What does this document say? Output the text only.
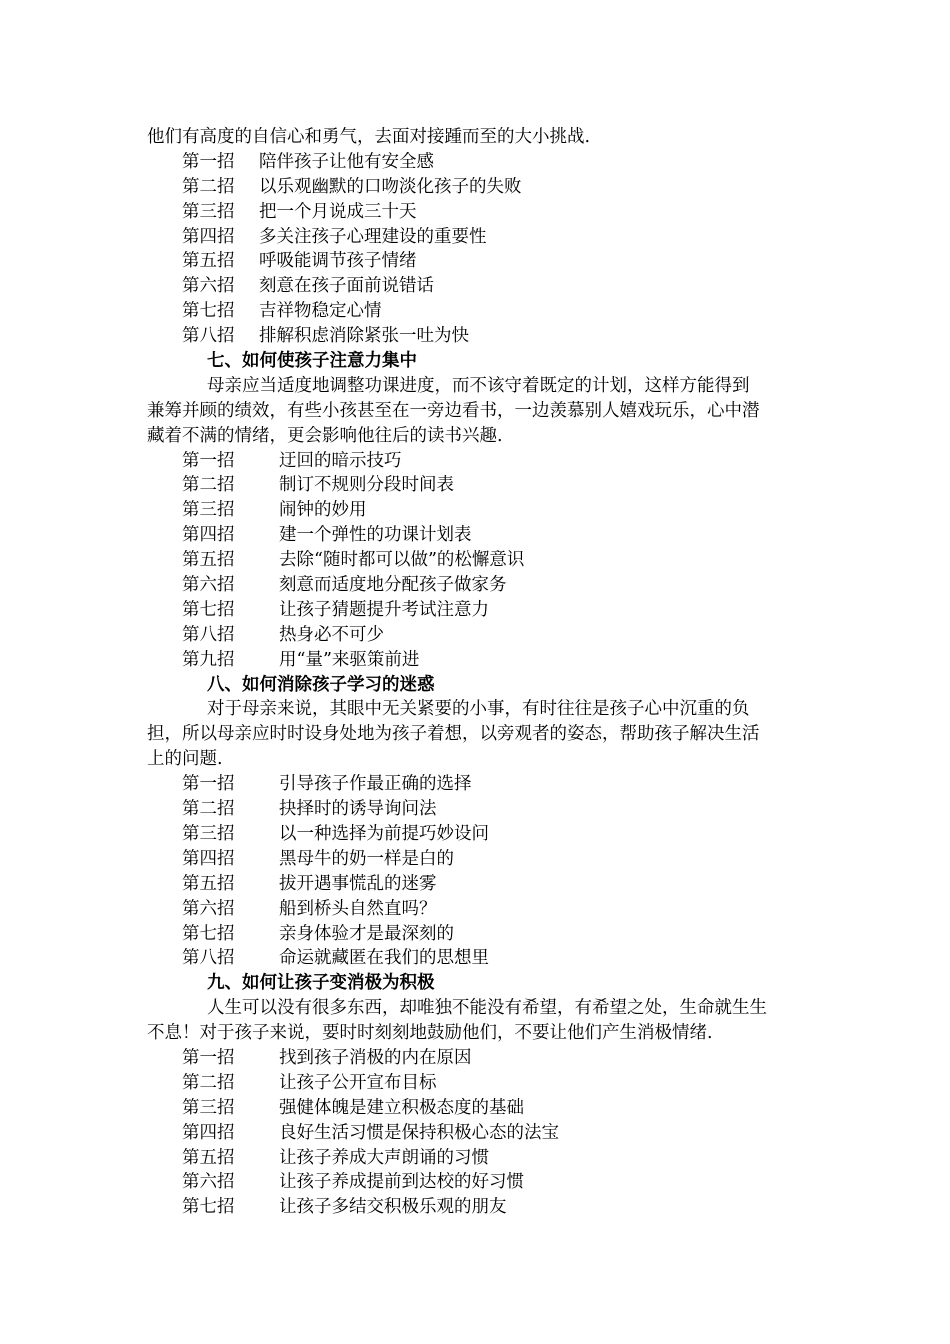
他们有高度的自信心和勇气，去面对接踵而至的大小挑战.
第一招 陪伴孩子让他有安全感
第二招 以乐观幽默的口吻淡化孩子的失败
第三招 把一个月说成三十天
第四招 多关注孩子心理建设的重要性
第五招 呼吸能调节孩子情绪
第六招 刻意在孩子面前说错话
第七招 吉祥物稳定心情
第八招 排解积虑消除紧张一吐为快
七、如何使孩子注意力集中
母亲应当适度地调整功课进度，而不该守着既定的计划，这样方能得到
兼筹并顾的绩效，有些小孩甚至在一旁边看书，一边羡慕别人嬉戏玩乐，心中潜
藏着不满的情绪，更会影响他往后的读书兴趣.
第一招	迂回的暗示技巧
第二招	制订不规则分段时间表
第三招	闹钟的妙用
第四招	建一个弹性的功课计划表
第五招	去除“随时都可以做”的松懈意识
第六招	刻意而适度地分配孩子做家务
第七招	让孩子猜题提升考试注意力
第八招	热身必不可少
第九招	用“量”来驱策前进
八、如何消除孩子学习的迷惑
对于母亲来说，其眼中无关紧要的小事，有时往往是孩子心中沉重的负
担，所以母亲应时时设身处地为孩子着想，以旁观者的姿态，帮助孩子解决生活
上的问题.
第一招	引导孩子作最正确的选择
第二招	抉择时的诱导询问法
第三招	以一种选择为前提巧妙设问
第四招	黑母牛的奶一样是白的
第五招	拔开遇事慌乱的迷雾
第六招	船到桥头自然直吗？
第七招	亲身体验才是最深刻的
第八招	命运就藏匿在我们的思想里
九、如何让孩子变消极为积极
人生可以没有很多东西，却唯独不能没有希望，有希望之处，生命就生生
不息！对于孩子来说，要时时刻刻地鼓励他们，不要让他们产生消极情绪.
第一招	找到孩子消极的内在原因
第二招	让孩子公开宣布目标
第三招	强健体魄是建立积极态度的基础
第四招	良好生活习惯是保持积极心态的法宝
第五招	让孩子养成大声朗诵的习惯
第六招	让孩子养成提前到达校的好习惯
第七招	让孩子多结交积极乐观的朋友
